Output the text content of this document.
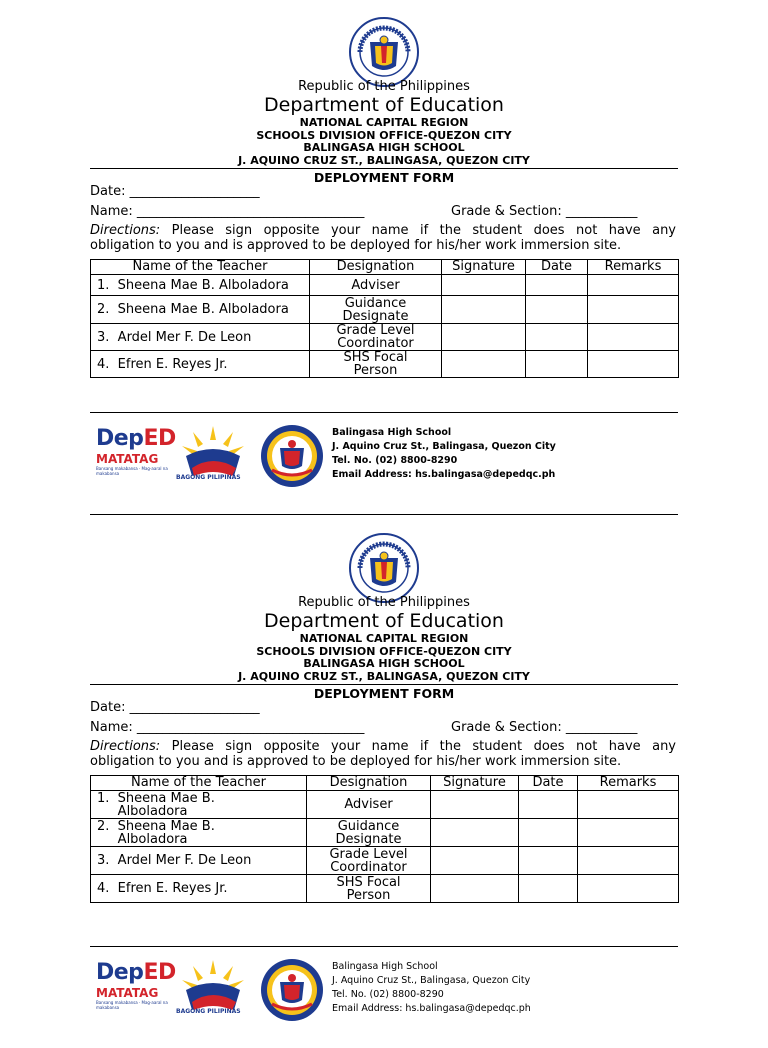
Republic of the Philippines
Department of Education
NATIONAL CAPITAL REGION
SCHOOLS DIVISION OFFICE-QUEZON CITY
BALINGASA HIGH SCHOOL
J. AQUINO CRUZ ST., BALINGASA, QUEZON CITY
DEPLOYMENT FORM
Date: ____________________
Name: ___________________________________	Grade & Section: ___________
Directions: Please sign opposite your name if the student does not have any
obligation to you and is approved to be deployed for his/her work immersion site.
Name of the Teacher	Designation	Signature	Date	Remarks
1. Sheena Mae B. Alboladora	Adviser			
2. Sheena Mae B. Alboladora	Guidance
Designate			
3. Ardel Mer F. De Leon	Grade Level
Coordinator			
4. Efren E. Reyes Jr.	SHS Focal
Person			
DepED
MATATAG
Bansang makabansa · Mag-aaral na makabansa
BAGONG PILIPINAS
Balingasa High School
J. Aquino Cruz St., Balingasa, Quezon City
Tel. No. (02) 8800-8290
Email Address: hs.balingasa@depedqc.ph
Republic of the Philippines
Department of Education
NATIONAL CAPITAL REGION
SCHOOLS DIVISION OFFICE-QUEZON CITY
BALINGASA HIGH SCHOOL
J. AQUINO CRUZ ST., BALINGASA, QUEZON CITY
DEPLOYMENT FORM
Date: ____________________
Name: ___________________________________	Grade & Section: ___________
Directions: Please sign opposite your name if the student does not have any
obligation to you and is approved to be deployed for his/her work immersion site.
Name of the Teacher	Designation	Signature	Date	Remarks
1. Sheena Mae B.
Alboladora	Adviser			
2. Sheena Mae B.
Alboladora	Guidance
Designate			
3. Ardel Mer F. De Leon	Grade Level
Coordinator			
4. Efren E. Reyes Jr.	SHS Focal
Person			
DepED
MATATAG
Bansang makabansa · Mag-aaral na makabansa
BAGONG PILIPINAS
Balingasa High School
J. Aquino Cruz St., Balingasa, Quezon City
Tel. No. (02) 8800-8290
Email Address: hs.balingasa@depedqc.ph
